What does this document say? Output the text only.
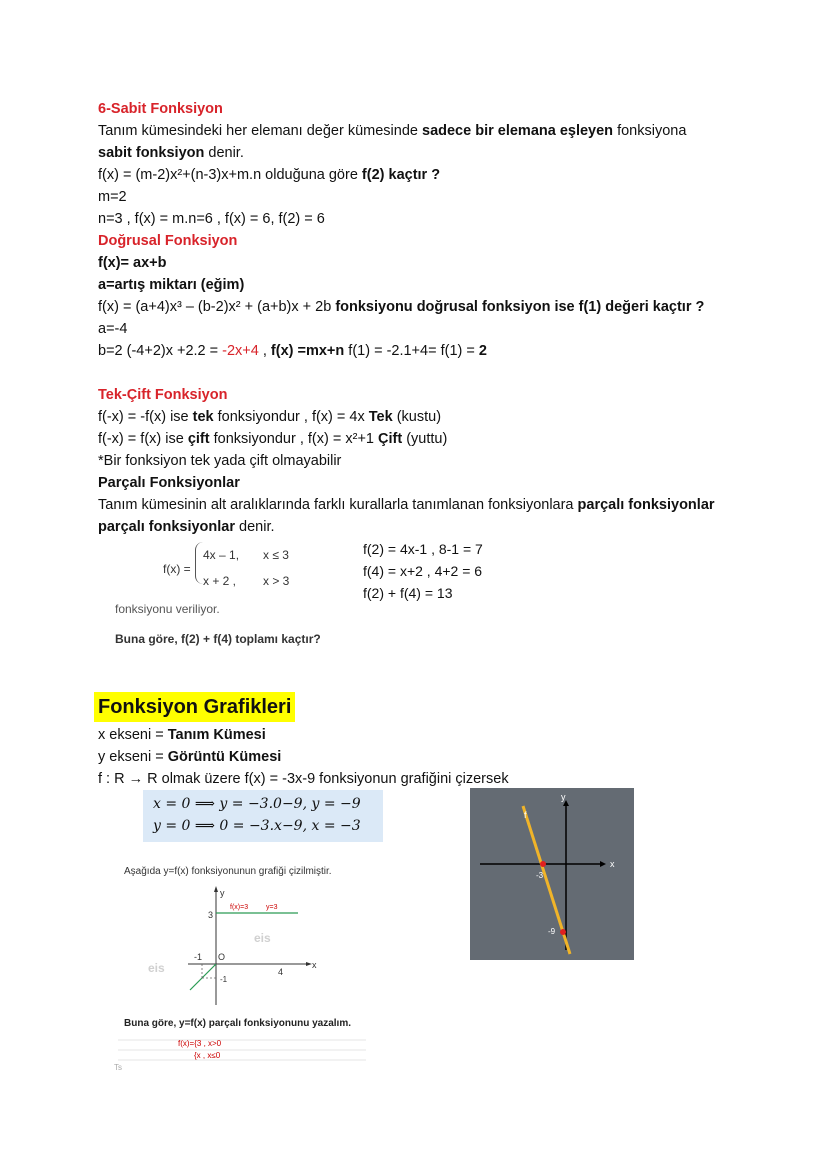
6-Sabit Fonksiyon
Tanım kümesindeki her elemanı değer kümesinde sadece bir elemana eşleyen fonksiyona
sabit fonksiyon denir.
f(x) = (m-2)x²+(n-3)x+m.n olduğuna göre f(2) kaçtır ?
m=2
n=3 , f(x) = m.n=6 , f(x) = 6, f(2) = 6
Doğrusal Fonksiyon
f(x)= ax+b
a=artış miktarı (eğim)
f(x) = (a+4)x³ – (b-2)x² + (a+b)x + 2b fonksiyonu doğrusal fonksiyon ise f(1) değeri kaçtır ?
a=-4
b=2 (-4+2)x +2.2 = -2x+4 , f(x) =mx+n f(1) = -2.1+4= f(1) = 2
Tek-Çift Fonksiyon
f(-x) = -f(x) ise tek fonksiyondur , f(x) = 4x Tek (kustu)
f(-x) = f(x) ise çift fonksiyondur , f(x) = x²+1 Çift (yuttu)
*Bir fonksiyon tek yada çift olmayabilir
Parçalı Fonksiyonlar
Tanım kümesinin alt aralıklarında farklı kurallarla tanımlanan fonksiyonlara parçalı fonksiyonlar
parçalı fonksiyonlar denir.
f(x) =
4x – 1, x ≤ 3
x + 2 , x > 3
fonksiyonu veriliyor.
Buna göre, f(2) + f(4) toplamı kaçtır?
f(2) = 4x-1 , 8-1 = 7
f(4) = x+2 , 4+2 = 6
f(2) + f(4) = 13
Fonksiyon Grafikleri
x ekseni = Tanım Kümesi
y ekseni = Görüntü Kümesi
f : R → R olmak üzere f(x) = -3x-9 fonksiyonun grafiğini çizersek
x = 0 ⟹ y = −3.0−9, y = −9
y = 0 ⟹ 0 = −3.x−9, x = −3
f
y
x
-3
-9
Aşağıda y=f(x) fonksiyonunun grafiği çizilmiştir.
y
x
3
-1 O
4
-1
f(x)=3	y=3
eis
eis
Buna göre, y=f(x) parçalı fonksiyonunu yazalım.
f(x)={3 , x>0
{x , x≤0
Ts
